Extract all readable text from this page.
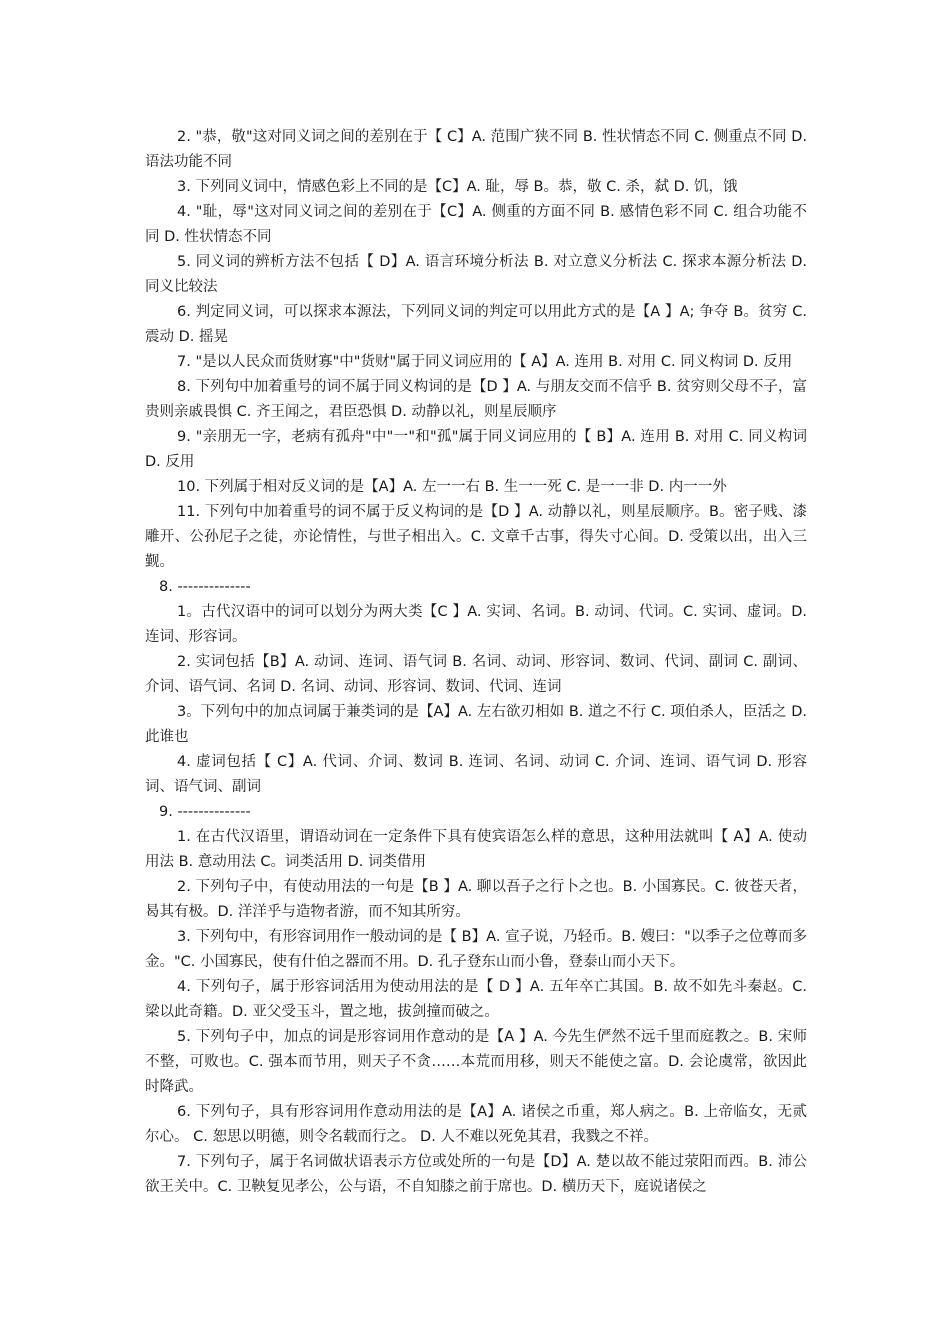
2. "恭，敬"这对同义词之间的差别在于【 C】A. 范围广狭不同 B. 性状情态不同 C. 侧重点不同 D. 语法功能不同

3. 下列同义词中，情感色彩上不同的是【C】A. 耻，辱 B。恭，敬 C. 杀，弑 D. 饥，饿

4. "耻，辱"这对同义词之间的差别在于【C】A. 侧重的方面不同 B. 感情色彩不同 C. 组合功能不同 D. 性状情态不同

5. 同义词的辨析方法不包括【 D】A. 语言环境分析法 B. 对立意义分析法 C. 探求本源分析法 D. 同义比较法

6. 判定同义词，可以探求本源法，下列同义词的判定可以用此方式的是【A 】A; 争夺 B。贫穷 C. 震动 D. 摇晃

7. "是以人民众而货财寡"中"货财"属于同义词应用的【 A】A. 连用 B. 对用 C. 同义构词 D. 反用

8. 下列句中加着重号的词不属于同义构词的是【D 】A. 与朋友交而不信乎 B. 贫穷则父母不子，富贵则亲戚畏惧 C. 齐王闻之，君臣恐惧 D. 动静以礼，则星辰顺序

9. "亲朋无一字，老病有孤舟"中"一"和"孤"属于同义词应用的【 B】A. 连用 B. 对用 C. 同义构词 D. 反用

10. 下列属于相对反义词的是【A】A. 左一一右 B. 生一一死 C. 是一一非 D. 内一一外

11. 下列句中加着重号的词不属于反义构词的是【D 】A. 动静以礼，则星辰顺序。B。密子贱、漆雕开、公孙尼子之徒，亦论情性，与世子相出入。C. 文章千古事，得失寸心间。D. 受策以出，出入三觐。

8. --------------

1。古代汉语中的词可以划分为两大类【C 】A. 实词、名词。B. 动词、代词。C. 实词、虚词。D. 连词、形容词。

2. 实词包括【B】A. 动词、连词、语气词 B. 名词、动词、形容词、数词、代词、副词 C. 副词、介词、语气词、名词 D. 名词、动词、形容词、数词、代词、连词

3。下列句中的加点词属于兼类词的是【A】A. 左右欲刃相如 B. 道之不行 C. 项伯杀人，臣活之 D. 此谁也

4. 虚词包括【 C】A. 代词、介词、数词 B. 连词、名词、动词 C. 介词、连词、语气词 D. 形容词、语气词、副词

9. --------------

1. 在古代汉语里，谓语动词在一定条件下具有使宾语怎么样的意思，这种用法就叫【 A】A. 使动用法 B. 意动用法 C。词类活用 D. 词类借用

2. 下列句子中，有使动用法的一句是【B 】A. 聊以吾子之行卜之也。B. 小国寡民。C. 彼苍天者，曷其有极。D. 洋洋乎与造物者游，而不知其所穷。

3. 下列句中，有形容词用作一般动词的是【 B】A. 宣子说，乃轻币。B. 嫂曰："以季子之位尊而多金。"C. 小国寡民，使有什伯之器而不用。D. 孔子登东山而小鲁，登泰山而小天下。

4. 下列句子，属于形容词活用为使动用法的是【 D 】A. 五年卒亡其国。B. 故不如先斗秦赵。C. 梁以此奇籍。D. 亚父受玉斗，置之地，拔剑撞而破之。

5. 下列句子中，加点的词是形容词用作意动的是【A 】A. 今先生俨然不远千里而庭教之。B. 宋师不整，可败也。C. 强本而节用，则天子不贪……本荒而用移，则天不能使之富。D. 会论虞常，欲因此时降武。

6. 下列句子，具有形容词用作意动用法的是【A】A. 诸侯之币重，郑人病之。B. 上帝临女，无贰尔心。 C. 恕思以明德，则令名载而行之。 D. 人不难以死免其君，我戮之不祥。

7. 下列句子，属于名词做状语表示方位或处所的一句是【D】A. 楚以故不能过荥阳而西。B. 沛公欲王关中。C. 卫鞅复见孝公，公与语，不自知膝之前于席也。D. 横历天下，庭说诸侯之
